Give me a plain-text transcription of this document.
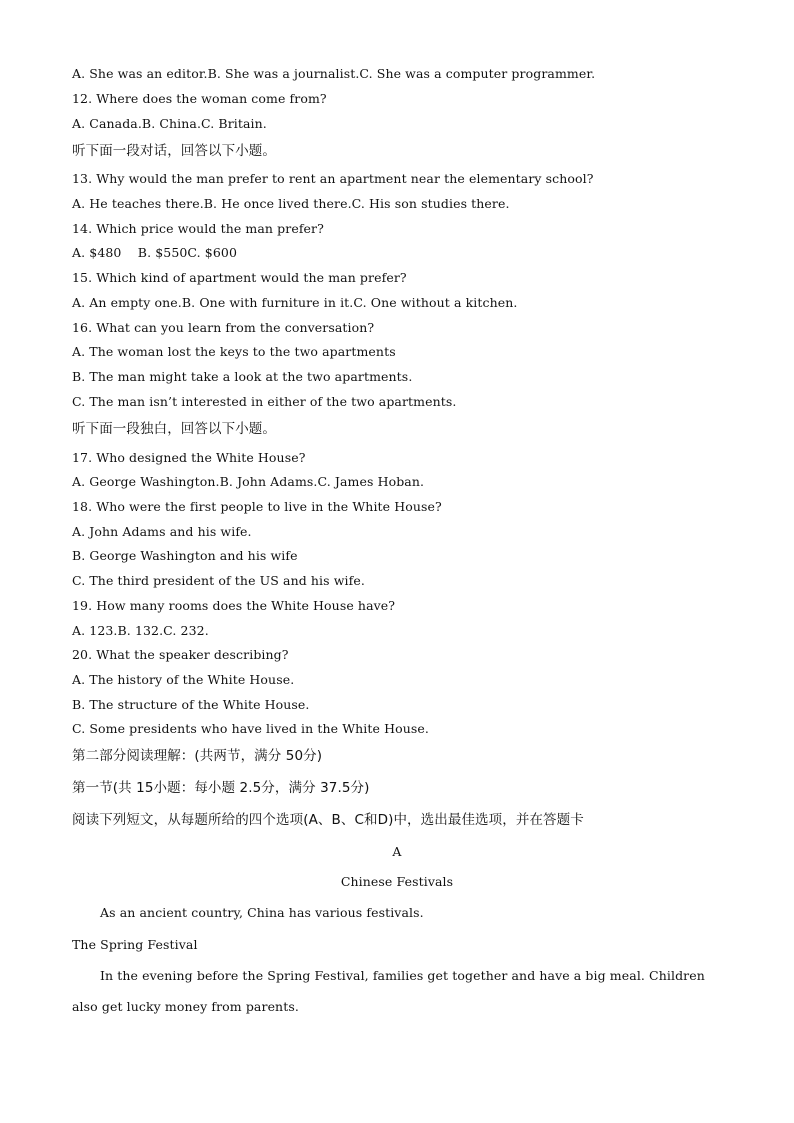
A. She was an editor.B. She was a journalist.C. She was a computer programmer.
12. Where does the woman come from?
A. Canada.B. China.C. Britain.
听下面一段对话，回答以下小题。
13. Why would the man prefer to rent an apartment near the elementary school?
A. He teaches there.B. He once lived there.C. His son studies there.
14. Which price would the man prefer?
A. $480    B. $550C. $600
15. Which kind of apartment would the man prefer?
A. An empty one.B. One with furniture in it.C. One without a kitchen.
16. What can you learn from the conversation?
A. The woman lost the keys to the two apartments
B. The man might take a look at the two apartments.
C. The man isn’t interested in either of the two apartments.
听下面一段独白，回答以下小题。
17. Who designed the White House?
A. George Washington.B. John Adams.C. James Hoban.
18. Who were the first people to live in the White House?
A. John Adams and his wife.
B. George Washington and his wife
C. The third president of the US and his wife.
19. How many rooms does the White House have?
A. 123.B. 132.C. 232.
20. What the speaker describing?
A. The history of the White House.
B. The structure of the White House.
C. Some presidents who have lived in the White House.
第二部分阅读理解：(共两节，满分 50分)
第一节(共 15小题：每小题 2.5分，满分 37.5分)
阅读下列短文，从每题所给的四个选项(A、B、C和D)中，选出最佳选项，并在答题卡
A
Chinese Festivals
As an ancient country, China has various festivals.
The Spring Festival
In the evening before the Spring Festival, families get together and have a big meal. Children
also get lucky money from parents.
